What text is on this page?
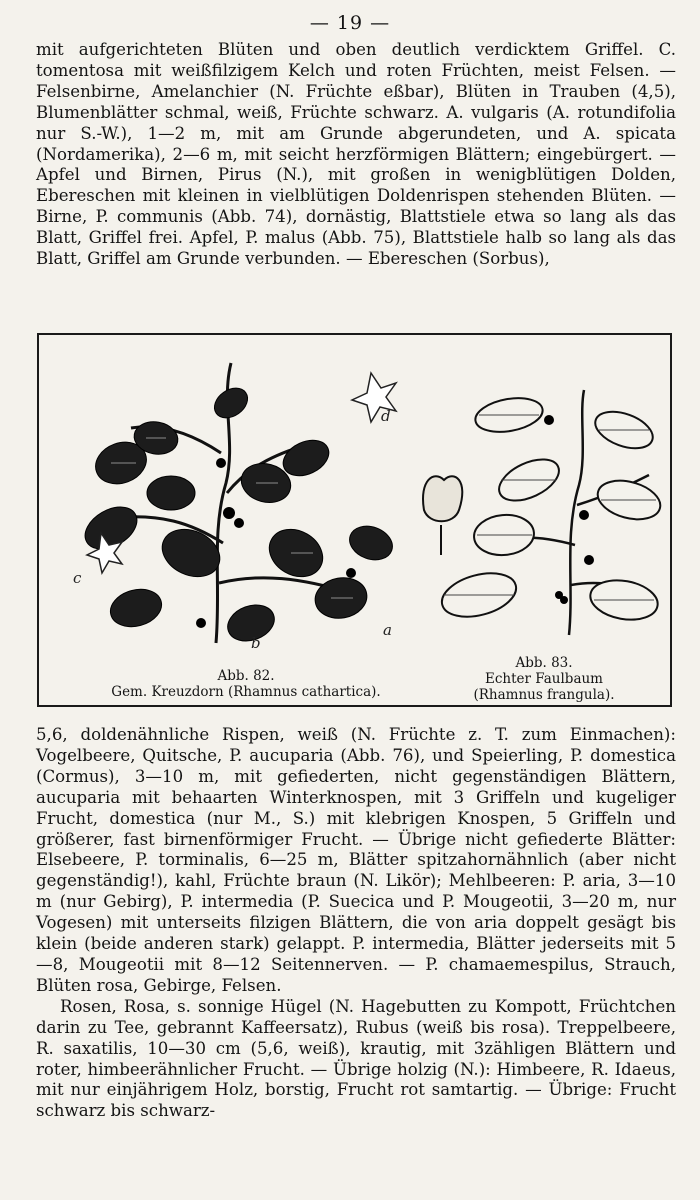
— 19 —

mit aufgerichteten Blüten und oben deutlich verdicktem Griffel. C. tomentosa mit weißfilzigem Kelch und roten Früchten, meist Felsen. — Felsenbirne, Amelanchier (N. Früchte eßbar), Blüten in Trauben (4,5), Blumenblätter schmal, weiß, Früchte schwarz. A. vulgaris (A. rotundifolia nur S.-W.), 1—2 m, mit am Grunde abgerundeten, und A. spicata (Nordamerika), 2—6 m, mit seicht herzförmigen Blättern; eingebürgert. — Apfel und Birnen, Pirus (N.), mit großen in wenigblütigen Dolden, Ebereschen mit kleinen in vielblütigen Doldenrispen stehenden Blüten. — Birne, P. communis (Abb. 74), dornästig, Blattstiele etwa so lang als das Blatt, Griffel frei. Apfel, P. malus (Abb. 75), Blattstiele halb so lang als das Blatt, Griffel am Grunde verbunden. — Ebereschen (Sorbus),

d
c
b
a
Abb. 82.
Gem. Kreuzdorn (Rhamnus cathartica).
Abb. 83.
Echter Faulbaum
(Rhamnus frangula).

5,6, doldenähnliche Rispen, weiß (N. Früchte z. T. zum Einmachen): Vogelbeere, Quitsche, P. aucuparia (Abb. 76), und Speierling, P. domestica (Cormus), 3—10 m, mit gefiederten, nicht gegenständigen Blättern, aucuparia mit behaarten Winterknospen, mit 3 Griffeln und kugeliger Frucht, domestica (nur M., S.) mit klebrigen Knospen, 5 Griffeln und größerer, fast birnenförmiger Frucht. — Übrige nicht gefiederte Blätter: Elsebeere, P. torminalis, 6—25 m, Blätter spitzahornähnlich (aber nicht gegenständig!), kahl, Früchte braun (N. Likör); Mehlbeeren: P. aria, 3—10 m (nur Gebirg), P. intermedia (P. Suecica und P. Mougeotii, 3—20 m, nur Vogesen) mit unterseits filzigen Blättern, die von aria doppelt gesägt bis klein (beide anderen stark) gelappt. P. intermedia, Blätter jederseits mit 5—8, Mougeotii mit 8—12 Seitennerven. — P. chamaemespilus, Strauch, Blüten rosa, Gebirge, Felsen.

Rosen, Rosa, s. sonnige Hügel (N. Hagebutten zu Kompott, Früchtchen darin zu Tee, gebrannt Kaffeersatz), Rubus (weiß bis rosa). Treppelbeere, R. saxatilis, 10—30 cm (5,6, weiß), krautig, mit 3zähligen Blättern und roter, himbeerähnlicher Frucht. — Übrige holzig (N.): Himbeere, R. Idaeus, mit nur einjährigem Holz, borstig, Frucht rot samtartig. — Übrige: Frucht schwarz bis schwarz-
